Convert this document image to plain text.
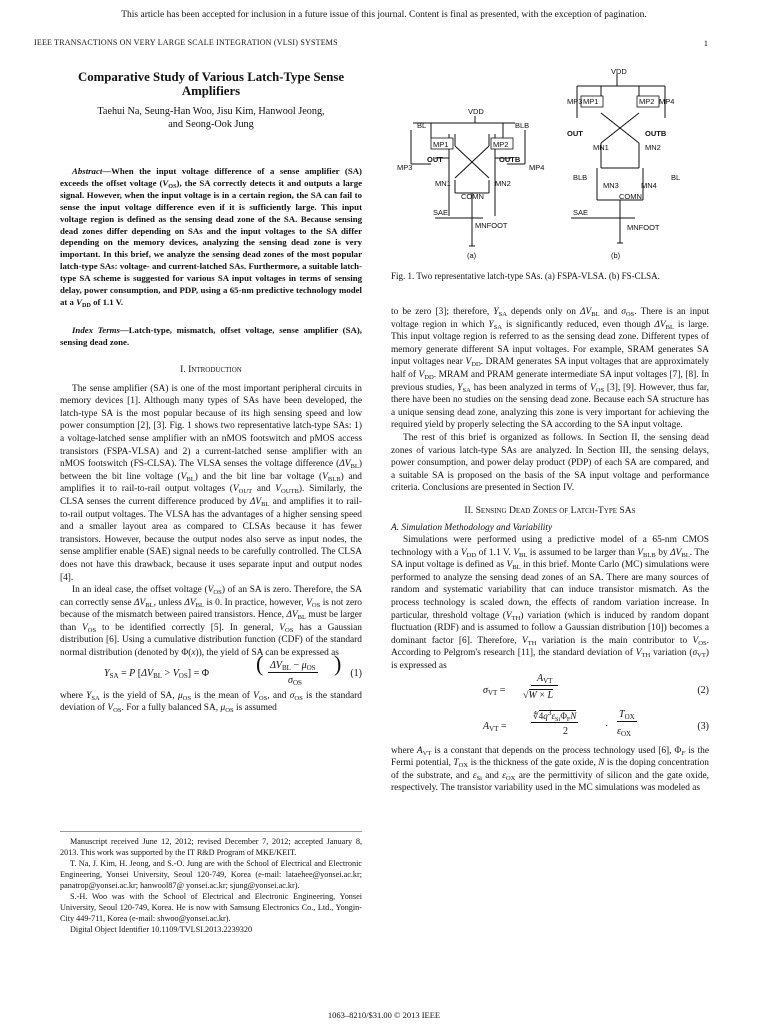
This article has been accepted for inclusion in a future issue of this journal. Content is final as presented, with the exception of pagination.
IEEE TRANSACTIONS ON VERY LARGE SCALE INTEGRATION (VLSI) SYSTEMS	1
Comparative Study of Various Latch-Type Sense Amplifiers
Taehui Na, Seung-Han Woo, Jisu Kim, Hanwool Jeong,
and Seong-Ook Jung

Abstract—When the input voltage difference of a sense amplifier (SA) exceeds the offset voltage $(V_{OS})$, the SA correctly detects it and outputs a large signal. However, when the input voltage is in a certain region, the SA can fail to sense the input voltage difference even if it is sufficiently large. This input voltage region is defined as the sensing dead zone of the SA. Because sensing dead zones differ depending on SAs and the input voltages to the SA differ depending on the memory devices, analyzing the sensing dead zone is very important. In this brief, we analyze the sensing dead zones of the most popular latch-type SAs: voltage- and current-latched SAs. Furthermore, a suitable latch-type SA scheme is suggested for various SA input voltages in terms of sensing delay, power consumption, and PDP, using a 65-nm predictive technology model at a $V_{DD}$ of 1.1 V.

Index Terms—Latch-type, mismatch, offset voltage, sense amplifier (SA), sensing dead zone.

I. Introduction

The sense amplifier (SA) is one of the most important peripheral circuits in memory devices [1]. Although many types of SAs have been developed, the latch-type SA is the most popular because of its high sensing speed and low power consumption [2], [3]. Fig. 1 shows two representative latch-type SAs: 1) a voltage-latched sense amplifier with an nMOS footswitch and pMOS access transistors (FSPA-VLSA) and 2) a current-latched sense amplifier with an nMOS footswitch (FS-CLSA). The VLSA senses the voltage difference $(\Delta V_{BL})$ between the bit line voltage $(V_{BL})$ and the bit line bar voltage $(V_{BLB})$ and amplifies it to rail-to-rail output voltages ($V_{OUT}$ and $V_{OUTB}$). Similarly, the CLSA senses the current difference produced by $\Delta V_{BL}$ and amplifies it to rail-to-rail output voltages. The VLSA has the advantages of a higher sensing speed and a smaller layout area as compared to CLSAs because it has fewer transistors. However, because the output nodes also serve as input nodes, the sense amplifier enable (SAE) signal needs to be carefully controlled. The CLSA does not have this drawback, because it uses separate input and output nodes [4].

In an ideal case, the offset voltage $(V_{OS})$ of an SA is zero. Therefore, the SA can correctly sense $\Delta V_{BL}$, unless $\Delta V_{BL}$ is 0. In practice, however, $V_{OS}$ is not zero because of the mismatch between paired transistors. Hence, $\Delta V_{BL}$ must be larger than $V_{OS}$ to be identified correctly [5]. In general, $V_{OS}$ has a Gaussian distribution [6]. Using a cumulative distribution function (CDF) of the standard normal distribution (denoted by Φ(x)), the yield of SA can be expressed as

$Y_{SA} = P$ $[\Delta V_{BL} > V_{OS}] = \Phi$ ( $\Delta V_{BL} - \mu_{OS}$
$\sigma_{OS}$
) (1)

where $Y_{SA}$ is the yield of SA, $\mu_{OS}$ is the mean of $V_{OS}$, and $\sigma_{OS}$ is the standard deviation of $V_{OS}$. For a fully balanced SA, $\mu_{OS}$ is assumed

Manuscript received June 12, 2012; revised December 7, 2012; accepted January 8, 2013. This work was supported by the IT R&D Program of MKE/KEIT.

T. Na, J. Kim, H. Jeong, and S.-O. Jung are with the School of Electrical and Electronic Engineering, Yonsei University, Seoul 120-749, Korea (e-mail: lataehee@yonsei.ac.kr; panatrop@yonsei.ac.kr; hanwool87@ yonsei.ac.kr; sjung@yonsei.ac.kr).

S.-H. Woo was with the School of Electrical and Electronic Engineering, Yonsei University, Seoul 120-749, Korea. He is now with Samsung Electronics Co., Ltd., Yongin-City 449-711, Korea (e-mail: shwoo@yonsei.ac.kr).

Digital Object Identifier 10.1109/TVLSI.2013.2239320

VDD
BL	BLB
MP1	MP2
OUT	OUTB
MP3	MP4
MN1	MN2
COMN
SAE
MNFOOT
(a)
VDD
MP1	MP2
MP3	MP4
OUT	OUTB
MN1	MN2
BLB	BL
MN3	MN4
COMN
SAE
MNFOOT
(b)
Fig. 1. Two representative latch-type SAs. (a) FSPA-VLSA. (b) FS-CLSA.

to be zero [3]; therefore, $Y_{SA}$ depends only on $\Delta V_{BL}$ and $\sigma_{OS}$. There is an input voltage region in which $Y_{SA}$ is significantly reduced, even though $\Delta V_{BL}$ is large. This input voltage region is referred to as the sensing dead zone. Different types of memory generate different SA input voltages. For example, SRAM generates SA input voltages near $V_{DD}$. DRAM generates SA input voltages that are approximately half of $V_{DD}$. MRAM and PRAM generate intermediate SA input voltages [7], [8]. In previous studies, $Y_{SA}$ has been analyzed in terms of $V_{OS}$ [3], [9]. However, thus far, there have been no studies on the sensing dead zone. Because each SA structure has a unique sensing dead zone, analyzing this zone is very important for achieving the required yield by properly selecting the SA according to the SA input voltage.

The rest of this brief is organized as follows. In Section II, the sensing dead zones of various latch-type SAs are analyzed. In Section III, the sensing delays, power consumption, and power delay product (PDP) of each SA are compared, and a suitable SA is proposed on the basis of the SA input voltage and performance criteria. Conclusions are presented in Section IV.

II. Sensing Dead Zones of Latch-Type SAs

A. Simulation Methodology and Variability

Simulations were performed using a predictive model of a 65-nm CMOS technology with a $V_{DD}$ of 1.1 V. $V_{BL}$ is assumed to be larger than $V_{BLB}$ by $\Delta V_{BL}$. The SA input voltage is defined as $V_{BL}$ in this brief. Monte Carlo (MC) simulations were performed to analyze the sensing dead zones of an SA. There are many sources of random and systematic variability that can induce transistor mismatch. As the process technology is scaled down, the effects of random variation increase. In particular, threshold voltage $(V_{TH})$ variation (which is induced by random dopant fluctuation (RDF) and is assumed to follow a Gaussian distribution [10]) becomes a dominant factor [6]. Therefore, $V_{TH}$ variation is the main contributor to $V_{OS}$. According to Pelgrom's research [11], the standard deviation of $V_{TH}$ variation $(\sigma_{VT})$ is expressed as

$\sigma_{VT}$ =
$A_{VT}$
√W × L	(2)
$A_{VT}$ =
$∜4q^3\varepsilon_{Si}\Phi_FN$
2	·
$T_{OX}$
$\varepsilon_{OX}$
(3)

where $A_{VT}$ is a constant that depends on the process technology used [6], $\Phi_F$ is the Fermi potential, $T_{OX}$ is the thickness of the gate oxide, N is the doping concentration of the substrate, and $\varepsilon_{Si}$ and $\varepsilon_{OX}$ are the permittivity of silicon and the gate oxide, respectively. The transistor variability used in the MC simulations was modeled as

1063–8210/$31.00 © 2013 IEEE
